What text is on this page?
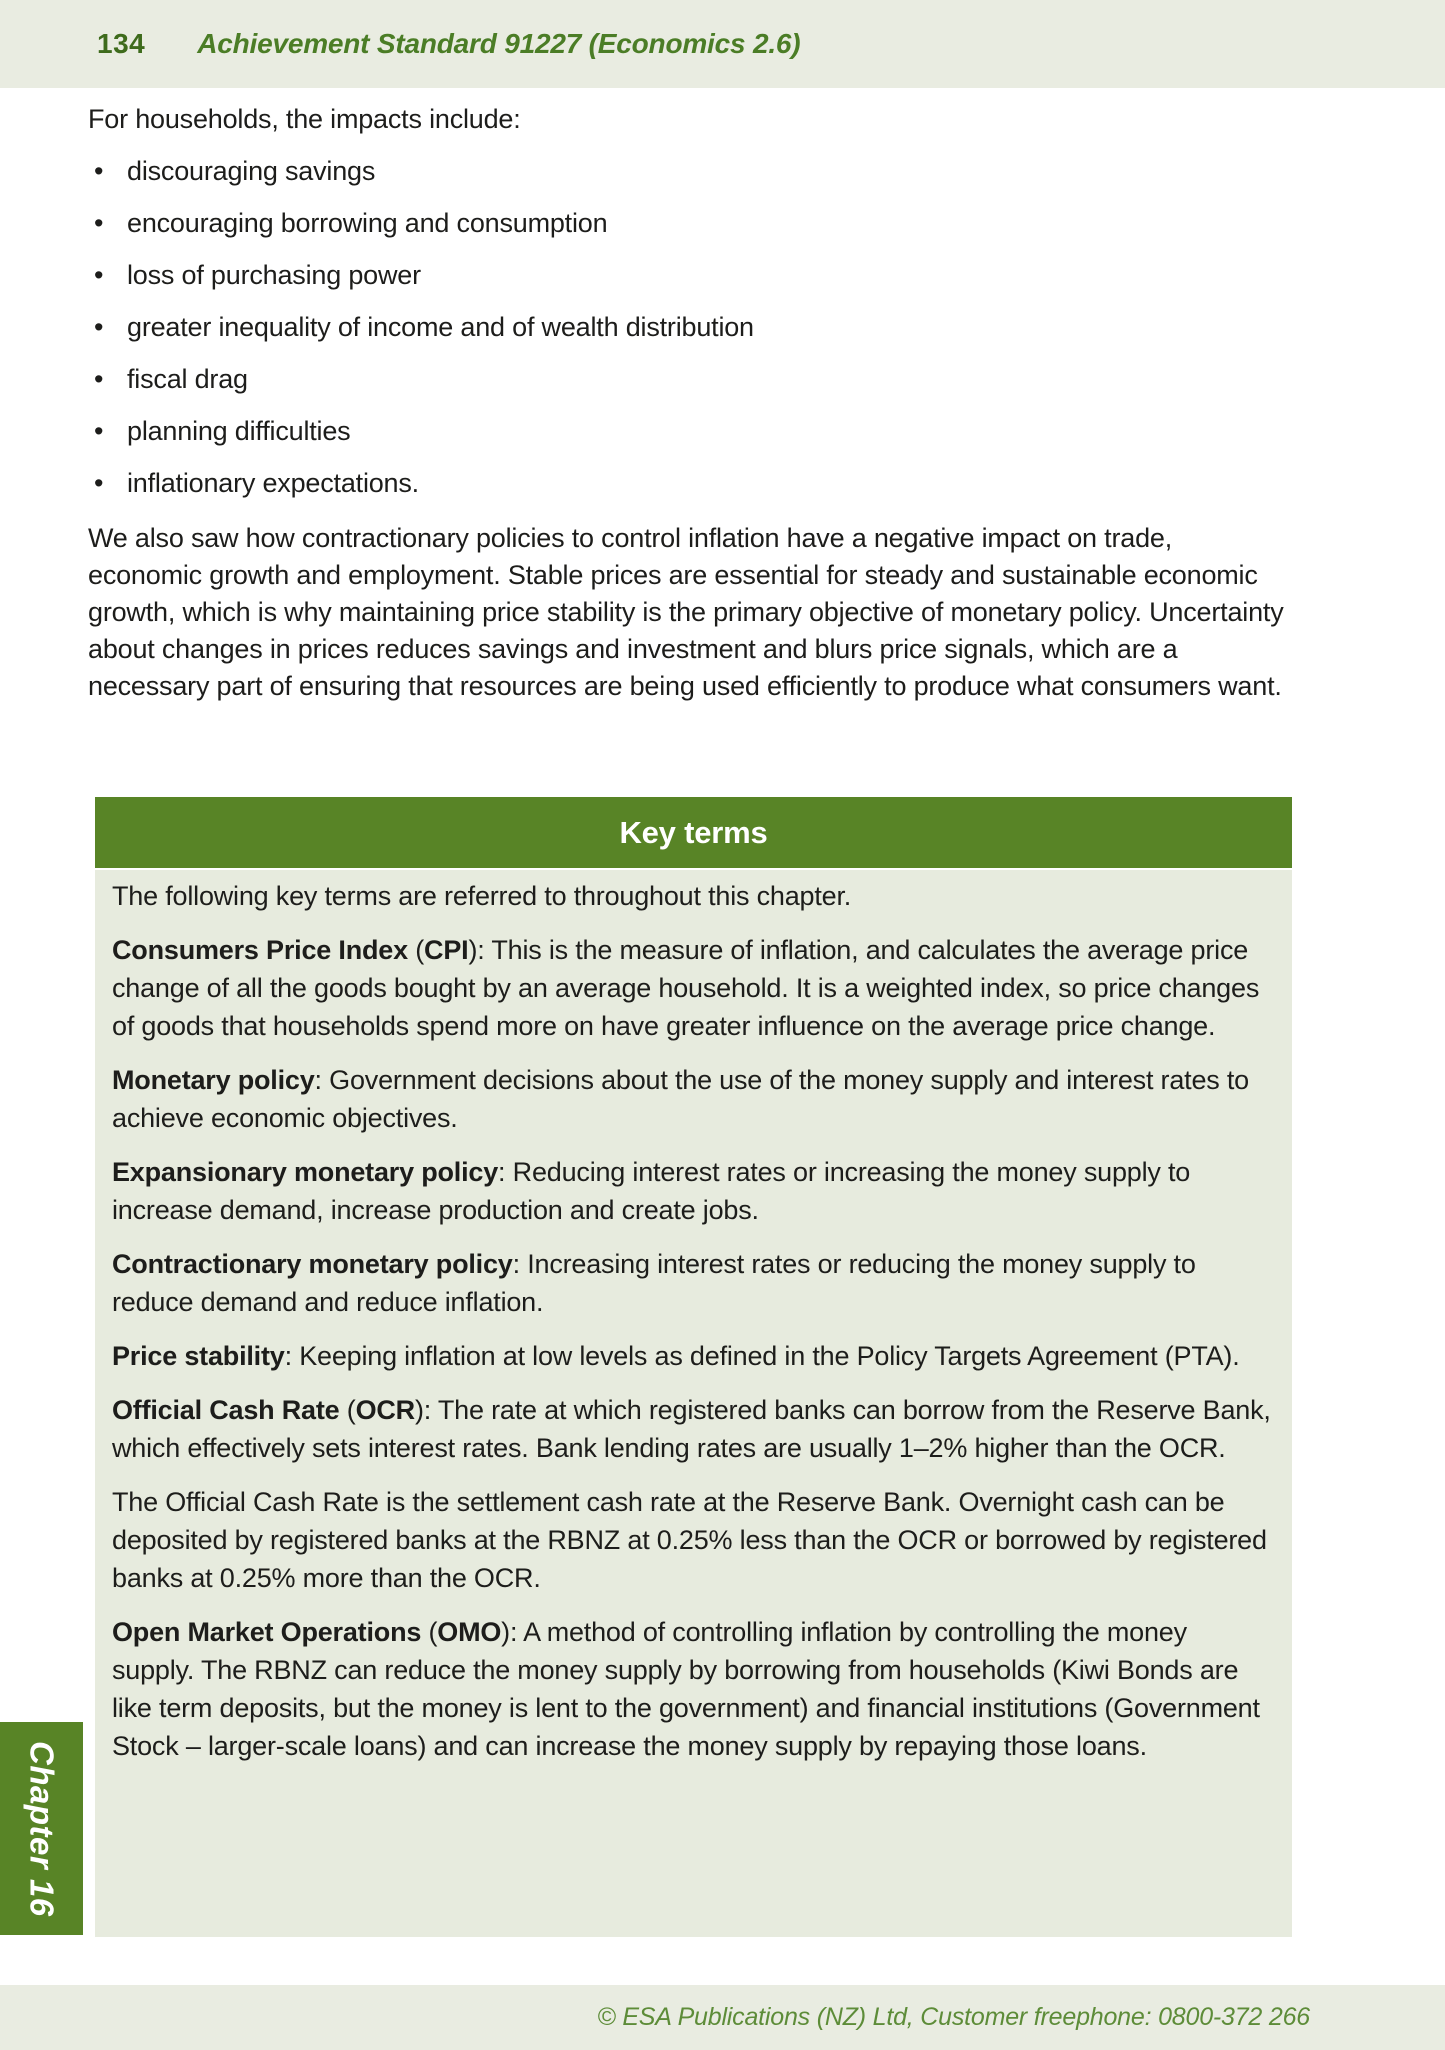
134 Achievement Standard 91227 (Economics 2.6)

For households, the impacts include:

• discouraging savings
• encouraging borrowing and consumption
• loss of purchasing power
• greater inequality of income and of wealth distribution
• fiscal drag
• planning difficulties
• inflationary expectations.

We also saw how contractionary policies to control inflation have a negative impact on trade, economic growth and employment. Stable prices are essential for steady and sustainable economic growth, which is why maintaining price stability is the primary objective of monetary policy. Uncertainty about changes in prices reduces savings and investment and blurs price signals, which are a necessary part of ensuring that resources are being used efficiently to produce what consumers want.

Key terms

The following key terms are referred to throughout this chapter.

Consumers Price Index (CPI): This is the measure of inflation, and calculates the average price change of all the goods bought by an average household. It is a weighted index, so price changes of goods that households spend more on have greater influence on the average price change.

Monetary policy: Government decisions about the use of the money supply and interest rates to achieve economic objectives.

Expansionary monetary policy: Reducing interest rates or increasing the money supply to increase demand, increase production and create jobs.

Contractionary monetary policy: Increasing interest rates or reducing the money supply to reduce demand and reduce inflation.

Price stability: Keeping inflation at low levels as defined in the Policy Targets Agreement (PTA).

Official Cash Rate (OCR): The rate at which registered banks can borrow from the Reserve Bank, which effectively sets interest rates. Bank lending rates are usually 1–2% higher than the OCR.

The Official Cash Rate is the settlement cash rate at the Reserve Bank. Overnight cash can be deposited by registered banks at the RBNZ at 0.25% less than the OCR or borrowed by registered banks at 0.25% more than the OCR.

Open Market Operations (OMO): A method of controlling inflation by controlling the money supply. The RBNZ can reduce the money supply by borrowing from households (Kiwi Bonds are like term deposits, but the money is lent to the government) and financial institutions (Government Stock – larger-scale loans) and can increase the money supply by repaying those loans.

Chapter 16
© ESA Publications (NZ) Ltd, Customer freephone: 0800-372 266
